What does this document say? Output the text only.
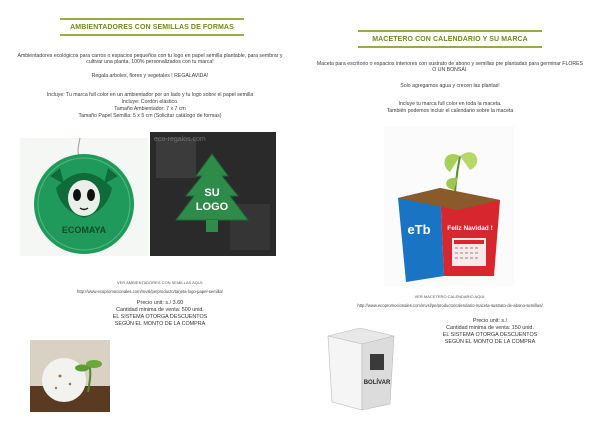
AMBIENTADORES CON SEMILLAS DE FORMAS
Ambientadores ecológicos para carros o espacios pequeños con tu logo en papel semilla plantable, para sembrar y cultivar una planta, 100% personalizados con tu marca!
Regala arboles, flores y vegetales ! REGALAVIDA!
Incluye: Tu marca full color en un ambientador por un lado y tu logo sobre el papel semilla
Incluye: Cordón elástico.
Tamaño Ambientador: 7 x 7 cm
Tamaño Papel Semilla: 5 x 5 cm (Solicitar catálogo de formas)
ECOMAYA
SU
LOGO
eco-regalos.com
VER AMBIENTADORES CON SEMILLAS AQUI:
http://www.ecopromocionales.com/mvsl/pe/producto/tarjeta-logo-papel-semilla/
Precio unit: s./ 3.60
Cantidad minima de venta: 500 unid.
EL SISTEMA OTORGA DESCUENTOS
SEGÚN EL MONTO DE LA COMPRA
MACETERO CON CALENDARIO Y SU MARCA
Maceta para escritorio o espacios interiores con sustrato de abono y semillas pre plantadas para germinar FLORES O UN BONSÁI.
Solo agregamos agua y crecen las plantas!
Incluye tu marca full color en toda la maceta.
También podemos incluir el calendario sobre la maceta
eTb	Feliz Navidad !
VER MACETERO CALENDARIO AQUI:
http://www.ecopromocionales.com/mvsl/pe/producto/calendario-maceta-sustrato-de-abono-semillas/
Precio unit: s./
Cantidad minima de venta: 150 unid.
EL SISTEMA OTORGA DESCUENTOS
SEGÚN EL MONTO DE LA COMPRA
BOLÍVAR
